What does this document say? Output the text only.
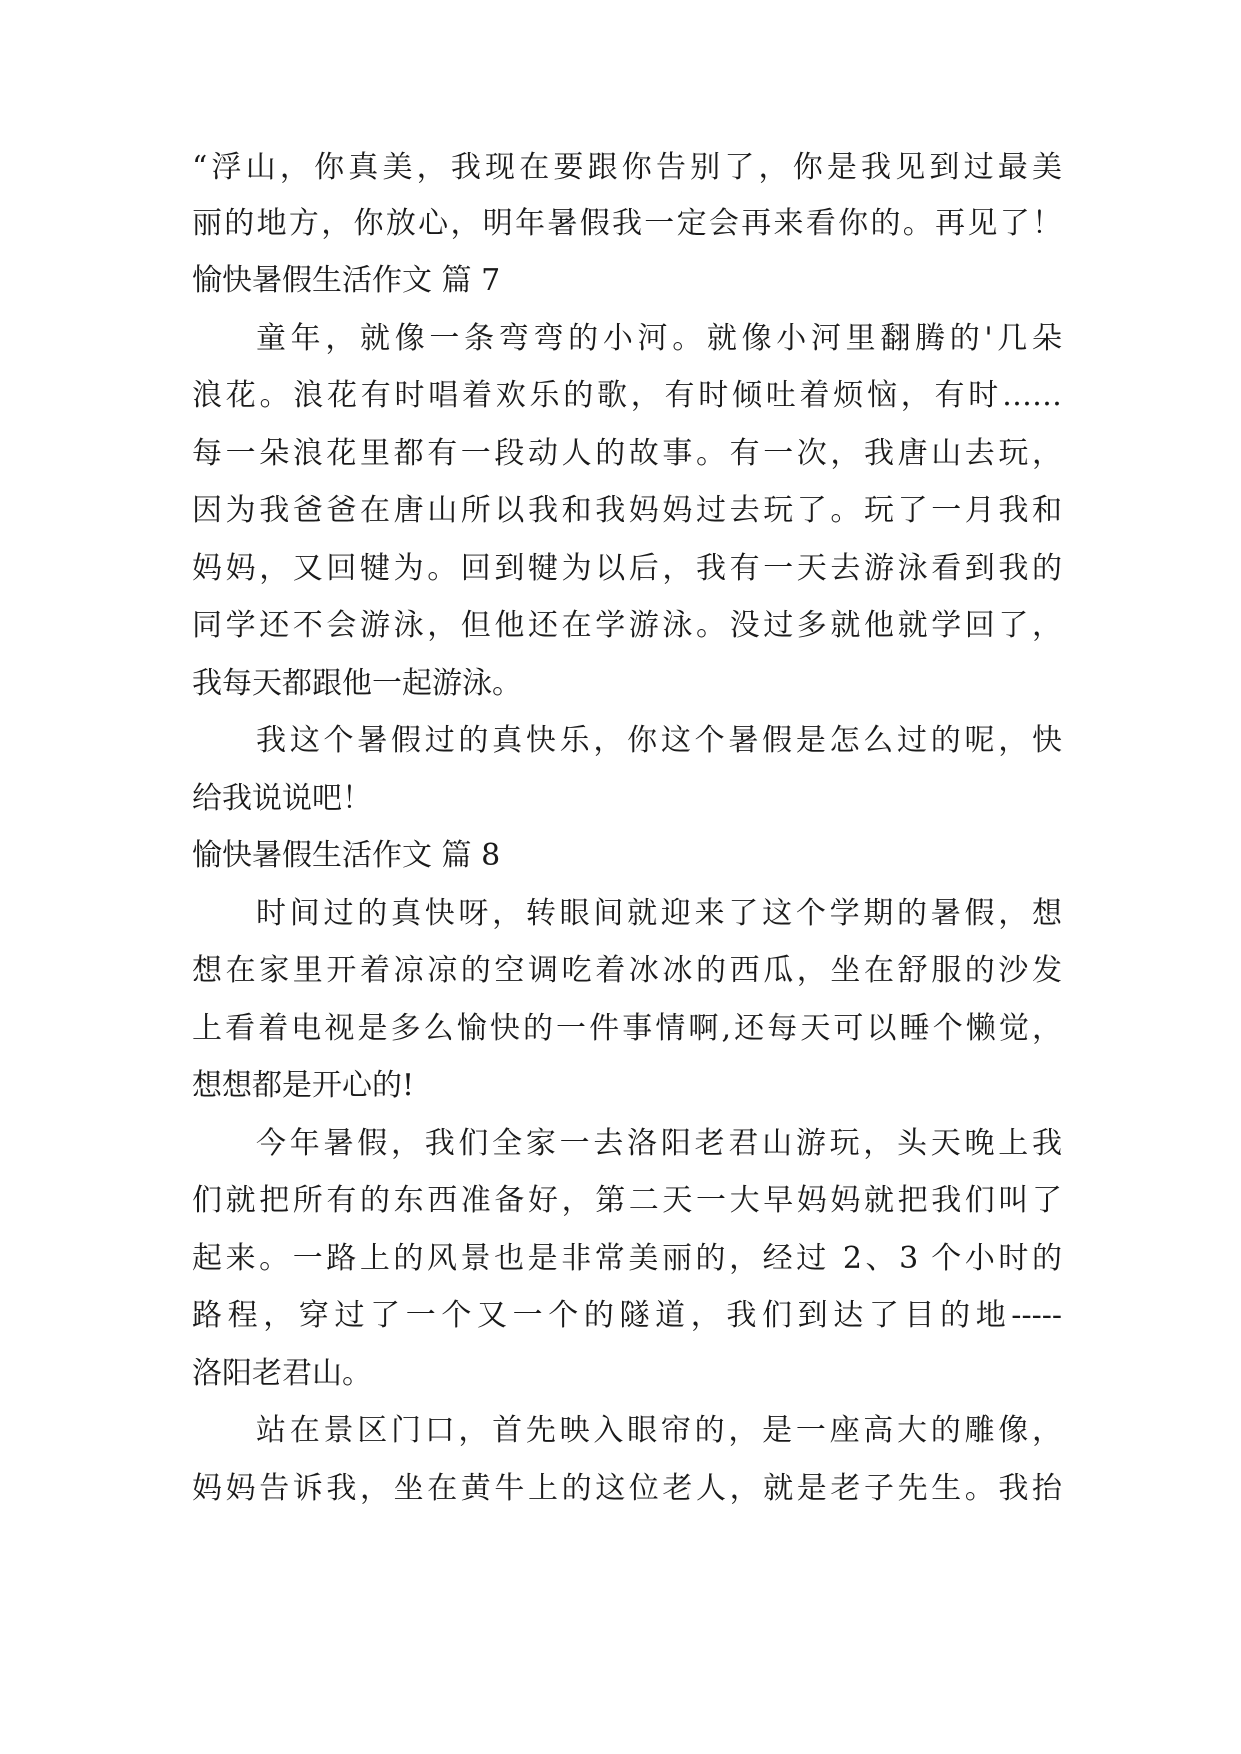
“浮山，你真美，我现在要跟你告别了，你是我见到过最美
丽的地方，你放心，明年暑假我一定会再来看你的。再见了！
愉快暑假生活作文 篇 7
童年，就像一条弯弯的小河。就像小河里翻腾的'几朵
浪花。浪花有时唱着欢乐的歌，有时倾吐着烦恼，有时……
每一朵浪花里都有一段动人的故事。有一次，我唐山去玩，
因为我爸爸在唐山所以我和我妈妈过去玩了。玩了一月我和
妈妈，又回犍为。回到犍为以后，我有一天去游泳看到我的
同学还不会游泳，但他还在学游泳。没过多就他就学回了，
我每天都跟他一起游泳。
我这个暑假过的真快乐，你这个暑假是怎么过的呢，快
给我说说吧！
愉快暑假生活作文 篇 8
时间过的真快呀，转眼间就迎来了这个学期的暑假，想
想在家里开着凉凉的空调吃着冰冰的西瓜，坐在舒服的沙发
上看着电视是多么愉快的一件事情啊,还每天可以睡个懒觉，
想想都是开心的!
今年暑假，我们全家一去洛阳老君山游玩，头天晚上我
们就把所有的东西准备好，第二天一大早妈妈就把我们叫了
起来。一路上的风景也是非常美丽的，经过 2、3 个小时的
路程，穿过了一个又一个的隧道，我们到达了目的地-----
洛阳老君山。
站在景区门口，首先映入眼帘的，是一座高大的雕像，
妈妈告诉我，坐在黄牛上的这位老人，就是老子先生。我抬
